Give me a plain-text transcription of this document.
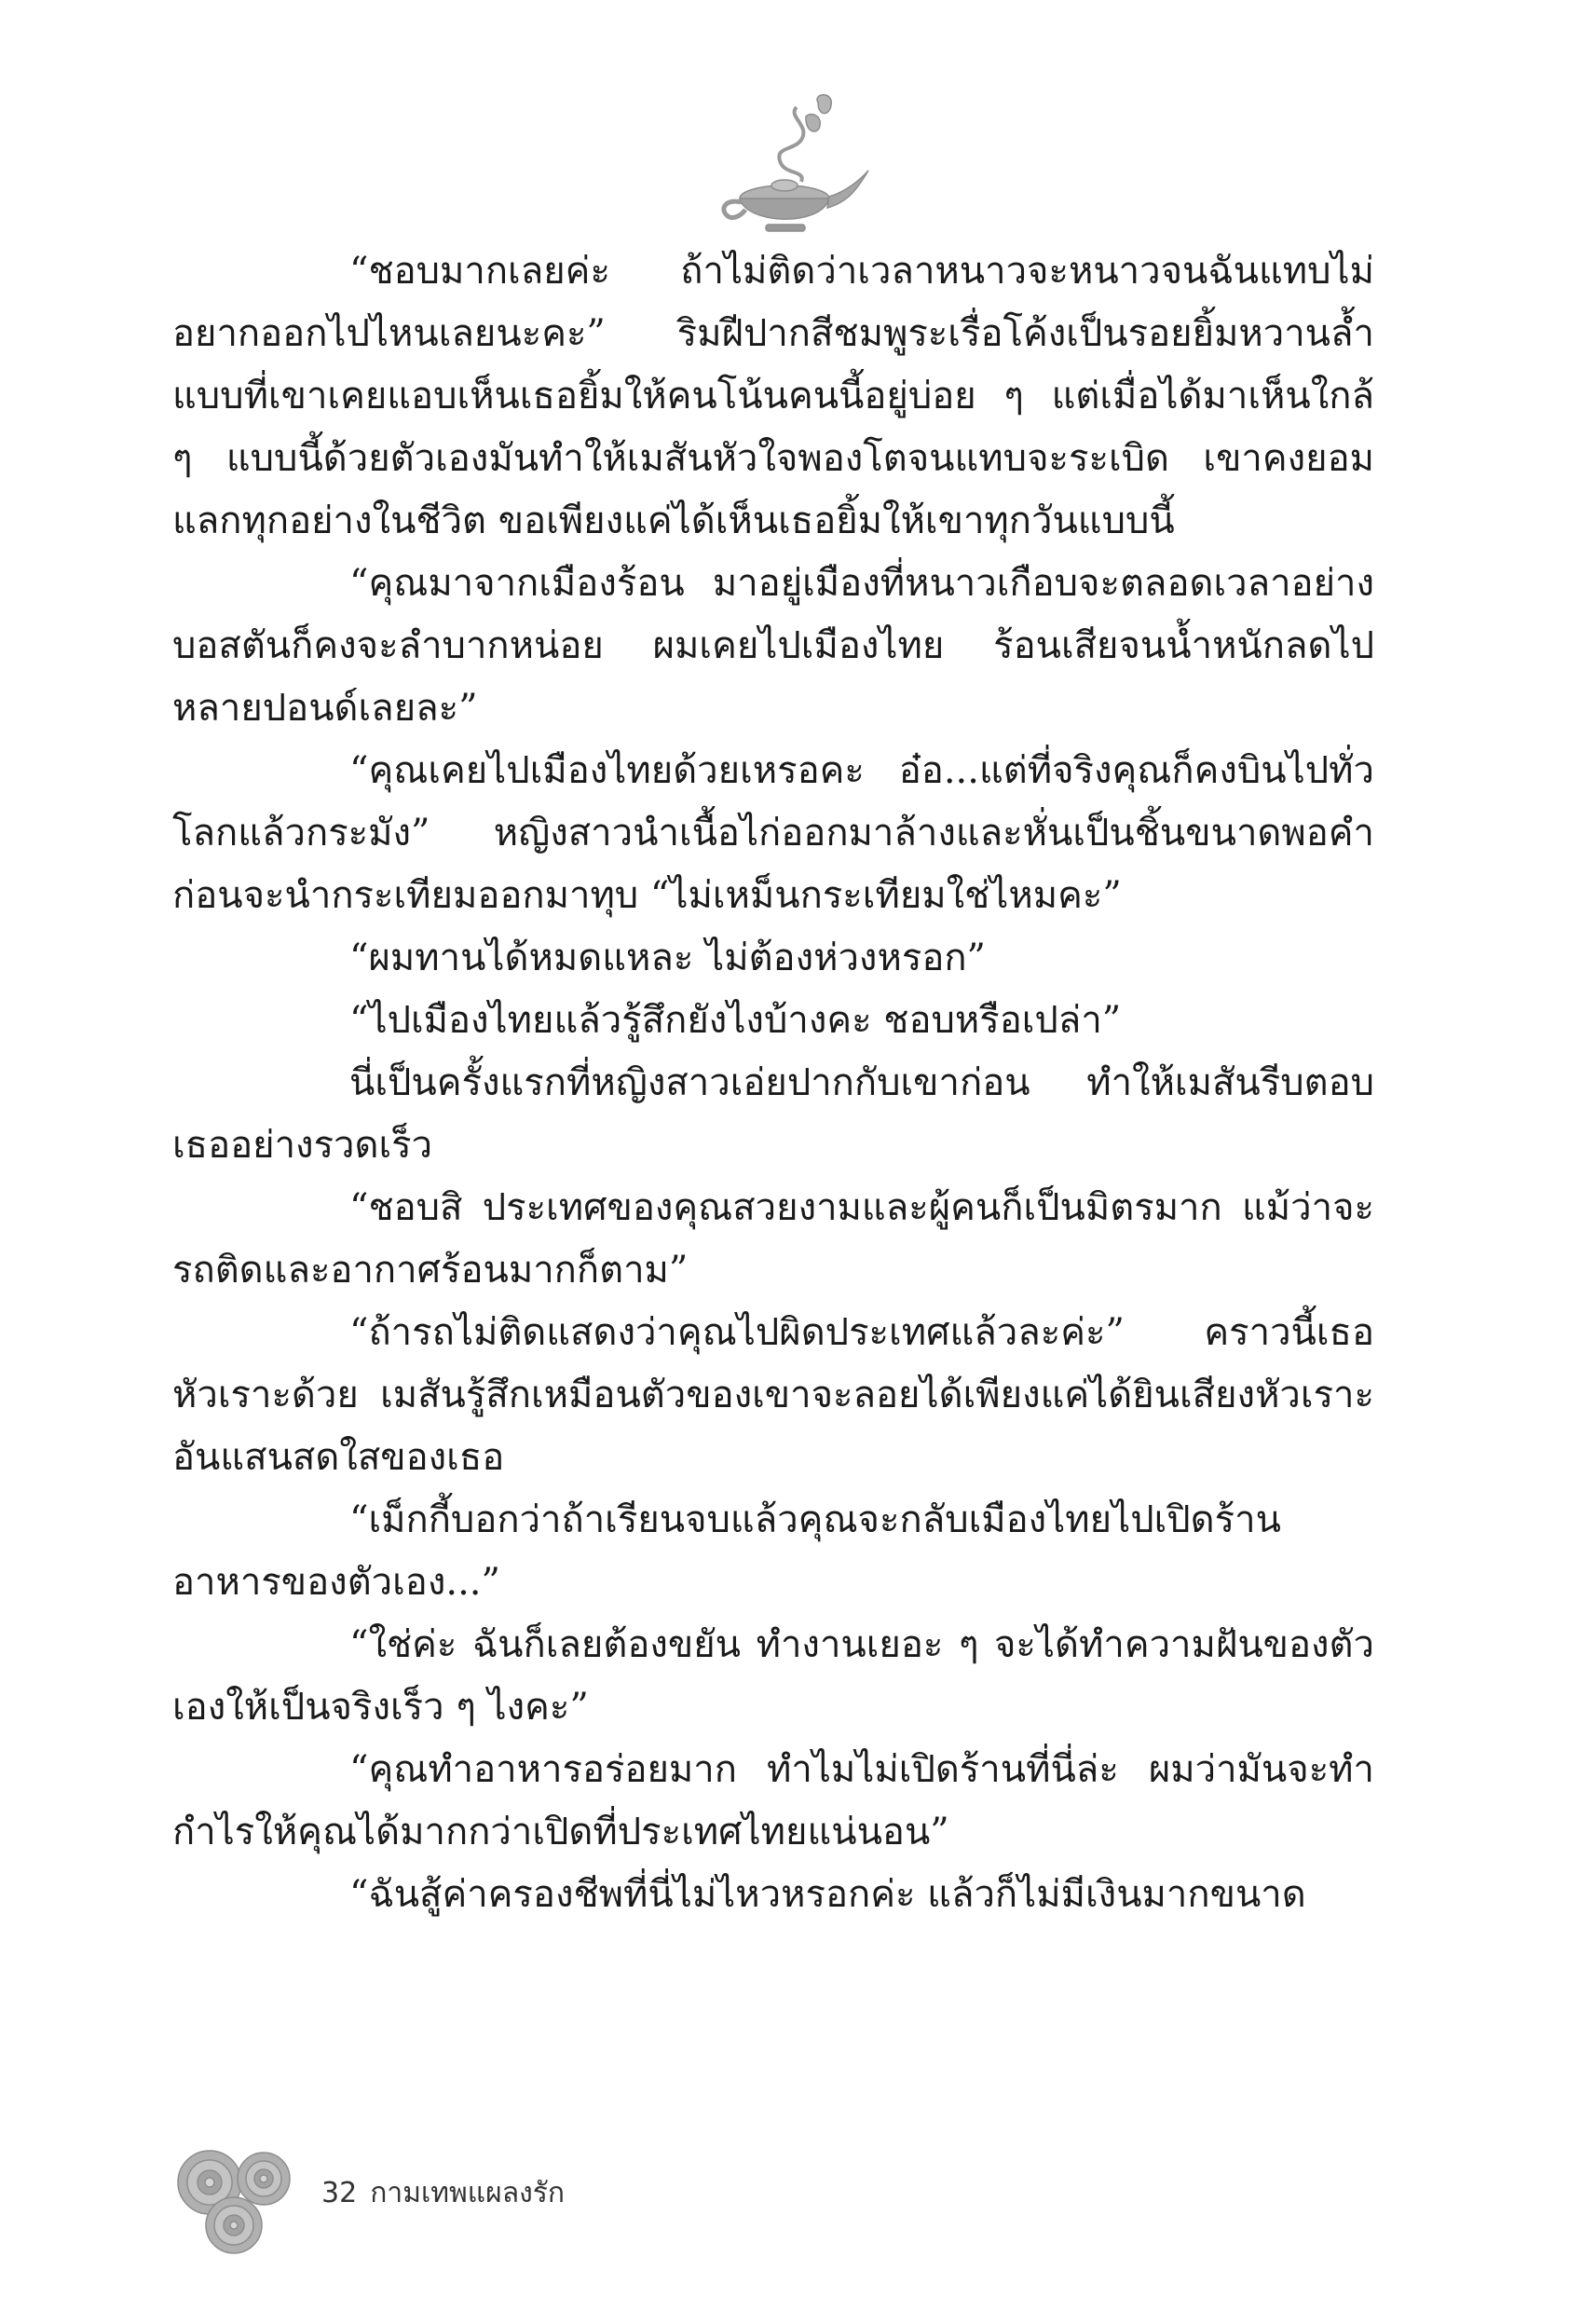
“ชอบมากเลยค่ะ ถ้าไม่ติดว่าเวลาหนาวจะหนาวจนฉันแทบไม่อยากออกไปไหนเลยนะคะ” ริมฝีปากสีชมพูระเรื่อโค้งเป็นรอยยิ้มหวานล้ำแบบที่เขาเคยแอบเห็นเธอยิ้มให้คนโน้นคนนี้อยู่บ่อย ๆ แต่เมื่อได้มาเห็นใกล้ ๆ แบบนี้ด้วยตัวเองมันทำให้เมสันหัวใจพองโตจนแทบจะระเบิด เขาคงยอมแลกทุกอย่างในชีวิต ขอเพียงแค่ได้เห็นเธอยิ้มให้เขาทุกวันแบบนี้

“คุณมาจากเมืองร้อน มาอยู่เมืองที่หนาวเกือบจะตลอดเวลาอย่างบอสตันก็คงจะลำบากหน่อย ผมเคยไปเมืองไทย ร้อนเสียจนน้ำหนักลดไปหลายปอนด์เลยละ”

“คุณเคยไปเมืองไทยด้วยเหรอคะ อ๋อ...แต่ที่จริงคุณก็คงบินไปทั่วโลกแล้วกระมัง” หญิงสาวนำเนื้อไก่ออกมาล้างและหั่นเป็นชิ้นขนาดพอคำ ก่อนจะนำกระเทียมออกมาทุบ “ไม่เหม็นกระเทียมใช่ไหมคะ”

“ผมทานได้หมดแหละ ไม่ต้องห่วงหรอก”

“ไปเมืองไทยแล้วรู้สึกยังไงบ้างคะ ชอบหรือเปล่า”

นี่เป็นครั้งแรกที่หญิงสาวเอ่ยปากกับเขาก่อน ทำให้เมสันรีบตอบเธออย่างรวดเร็ว

“ชอบสิ ประเทศของคุณสวยงามและผู้คนก็เป็นมิตรมาก แม้ว่าจะรถติดและอากาศร้อนมากก็ตาม”

“ถ้ารถไม่ติดแสดงว่าคุณไปผิดประเทศแล้วละค่ะ” คราวนี้เธอหัวเราะด้วย เมสันรู้สึกเหมือนตัวของเขาจะลอยได้เพียงแค่ได้ยินเสียงหัวเราะอันแสนสดใสของเธอ

“เม็กกี้บอกว่าถ้าเรียนจบแล้วคุณจะกลับเมืองไทยไปเปิดร้านอาหารของตัวเอง...”

“ใช่ค่ะ ฉันก็เลยต้องขยัน ทำงานเยอะ ๆ จะได้ทำความฝันของตัวเองให้เป็นจริงเร็ว ๆ ไงคะ”

“คุณทำอาหารอร่อยมาก ทำไมไม่เปิดร้านที่นี่ล่ะ ผมว่ามันจะทำกำไรให้คุณได้มากกว่าเปิดที่ประเทศไทยแน่นอน”

“ฉันสู้ค่าครองชีพที่นี่ไม่ไหวหรอกค่ะ แล้วก็ไม่มีเงินมากขนาด

32 กามเทพแผลงรัก
